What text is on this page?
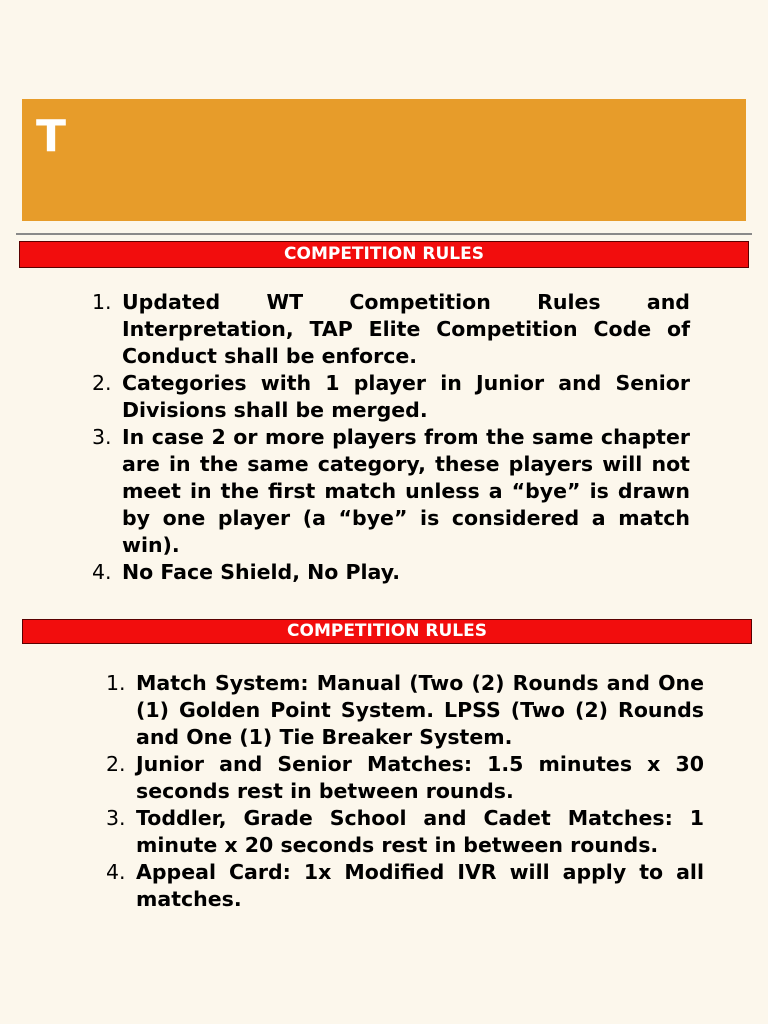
T
COMPETITION RULES
1. Updated WT Competition Rules and Interpretation, TAP Elite Competition Code of Conduct shall be enforce.
2. Categories with 1 player in Junior and Senior Divisions shall be merged.
3. In case 2 or more players from the same chapter are in the same category, these players will not meet in the first match unless a “bye” is drawn by one player (a “bye” is considered a match win).
4. No Face Shield, No Play.
COMPETITION RULES
1. Match System: Manual (Two (2) Rounds and One (1) Golden Point System. LPSS (Two (2) Rounds and One (1) Tie Breaker System.
2. Junior and Senior Matches: 1.5 minutes x 30 seconds rest in between rounds.
3. Toddler, Grade School and Cadet Matches: 1 minute x 20 seconds rest in between rounds.
4. Appeal Card: 1x Modified IVR will apply to all matches.
